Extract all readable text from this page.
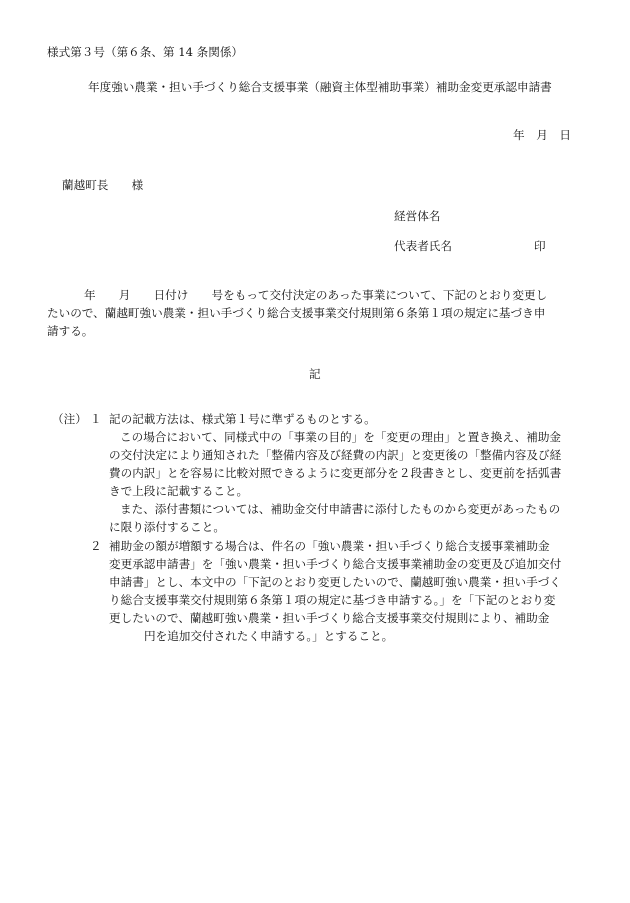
様式第３号（第６条、第 14 条関係）
年度強い農業・担い手づくり総合支援事業（融資主体型補助事業）補助金変更承認申請書
年　月　日
蘭越町長　　様
経営体名
代表者氏名	印
年　　月　　日付け　　号をもって交付決定のあった事業について、下記のとおり変更し
たいので、蘭越町強い農業・担い手づくり総合支援事業交付規則第６条第１項の規定に基づき申
請する。
記
（注） １ 記の記載方法は、様式第１号に準ずるものとする。
この場合において、同様式中の「事業の目的」を「変更の理由」と置き換え、補助金
の交付決定により通知された「整備内容及び経費の内訳」と変更後の「整備内容及び経
費の内訳」とを容易に比較対照できるように変更部分を２段書きとし、変更前を括弧書
きで上段に記載すること。
また、添付書類については、補助金交付申請書に添付したものから変更があったもの
に限り添付すること。
２ 補助金の額が増額する場合は、件名の「強い農業・担い手づくり総合支援事業補助金
変更承認申請書」を「強い農業・担い手づくり総合支援事業補助金の変更及び追加交付
申請書」とし、本文中の「下記のとおり変更したいので、蘭越町強い農業・担い手づく
り総合支援事業交付規則第６条第１項の規定に基づき申請する。」を「下記のとおり変
更したいので、蘭越町強い農業・担い手づくり総合支援事業交付規則により、補助金
円を追加交付されたく申請する。」とすること。
